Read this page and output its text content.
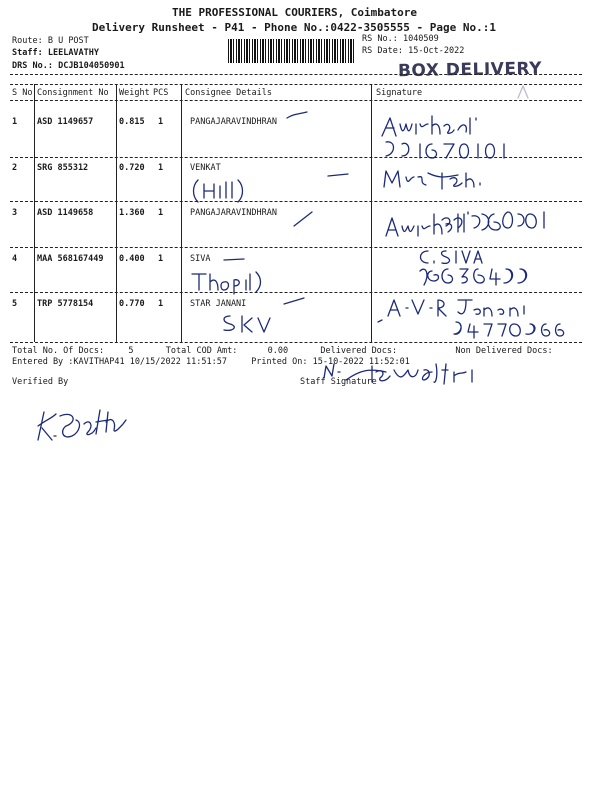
THE PROFESSIONAL COURIERS, Coimbatore
Delivery Runsheet - P41 - Phone No.:0422-3505555 - Page No.:1
Route: B U POST
Staff: LEELAVATHY
DRS No.: DCJB104050901
RS No.: 1040509
RS Date: 15-Oct-2022
BOX DELIVERY
S No Consignment No Weight PCS Consignee Details	Signature
1 ASD 1149657	0.815 1	PANGAJARAVINDHRAN
2 SRG 855312	0.720 1	VENKAT
3 ASD 1149658	1.360 1	PANGAJARAVINDHRAN
4 MAA 568167449 0.400 1	SIVA
5 TRP 5778154	0.770 1	STAR JANANI
Total No. Of Docs:	5	Total COD Amt:	0.00	Delivered Docs:	Non Delivered Docs:
Entered By :KAVITHAP41 10/15/2022 11:51:57	Printed On: 15-10-2022 11:52:01
Verified By	Staff Signature
